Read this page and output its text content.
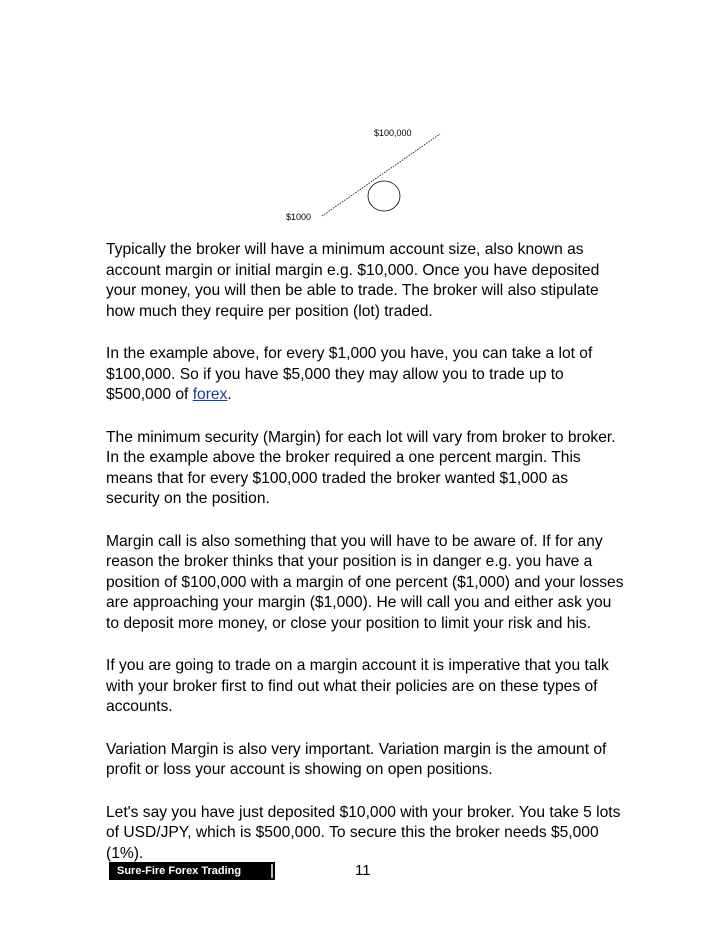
$100,000
$1000

Typically the broker will have a minimum account size, also known as account margin or initial margin e.g. $10,000. Once you have deposited your money, you will then be able to trade. The broker will also stipulate how much they require per position (lot) traded.

In the example above, for every $1,000 you have, you can take a lot of $100,000. So if you have $5,000 they may allow you to trade up to $500,000 of forex.

The minimum security (Margin) for each lot will vary from broker to broker. In the example above the broker required a one percent margin. This means that for every $100,000 traded the broker wanted $1,000 as security on the position.

Margin call is also something that you will have to be aware of. If for any reason the broker thinks that your position is in danger e.g. you have a position of $100,000 with a margin of one percent ($1,000) and your losses are approaching your margin ($1,000). He will call you and either ask you to deposit more money, or close your position to limit your risk and his.

If you are going to trade on a margin account it is imperative that you talk with your broker first to find out what their policies are on these types of accounts.

Variation Margin is also very important. Variation margin is the amount of profit or loss your account is showing on open positions.

Let's say you have just deposited $10,000 with your broker. You take 5 lots of USD/JPY, which is $500,000. To secure this the broker needs $5,000 (1%).

Sure-Fire Forex Trading	11
